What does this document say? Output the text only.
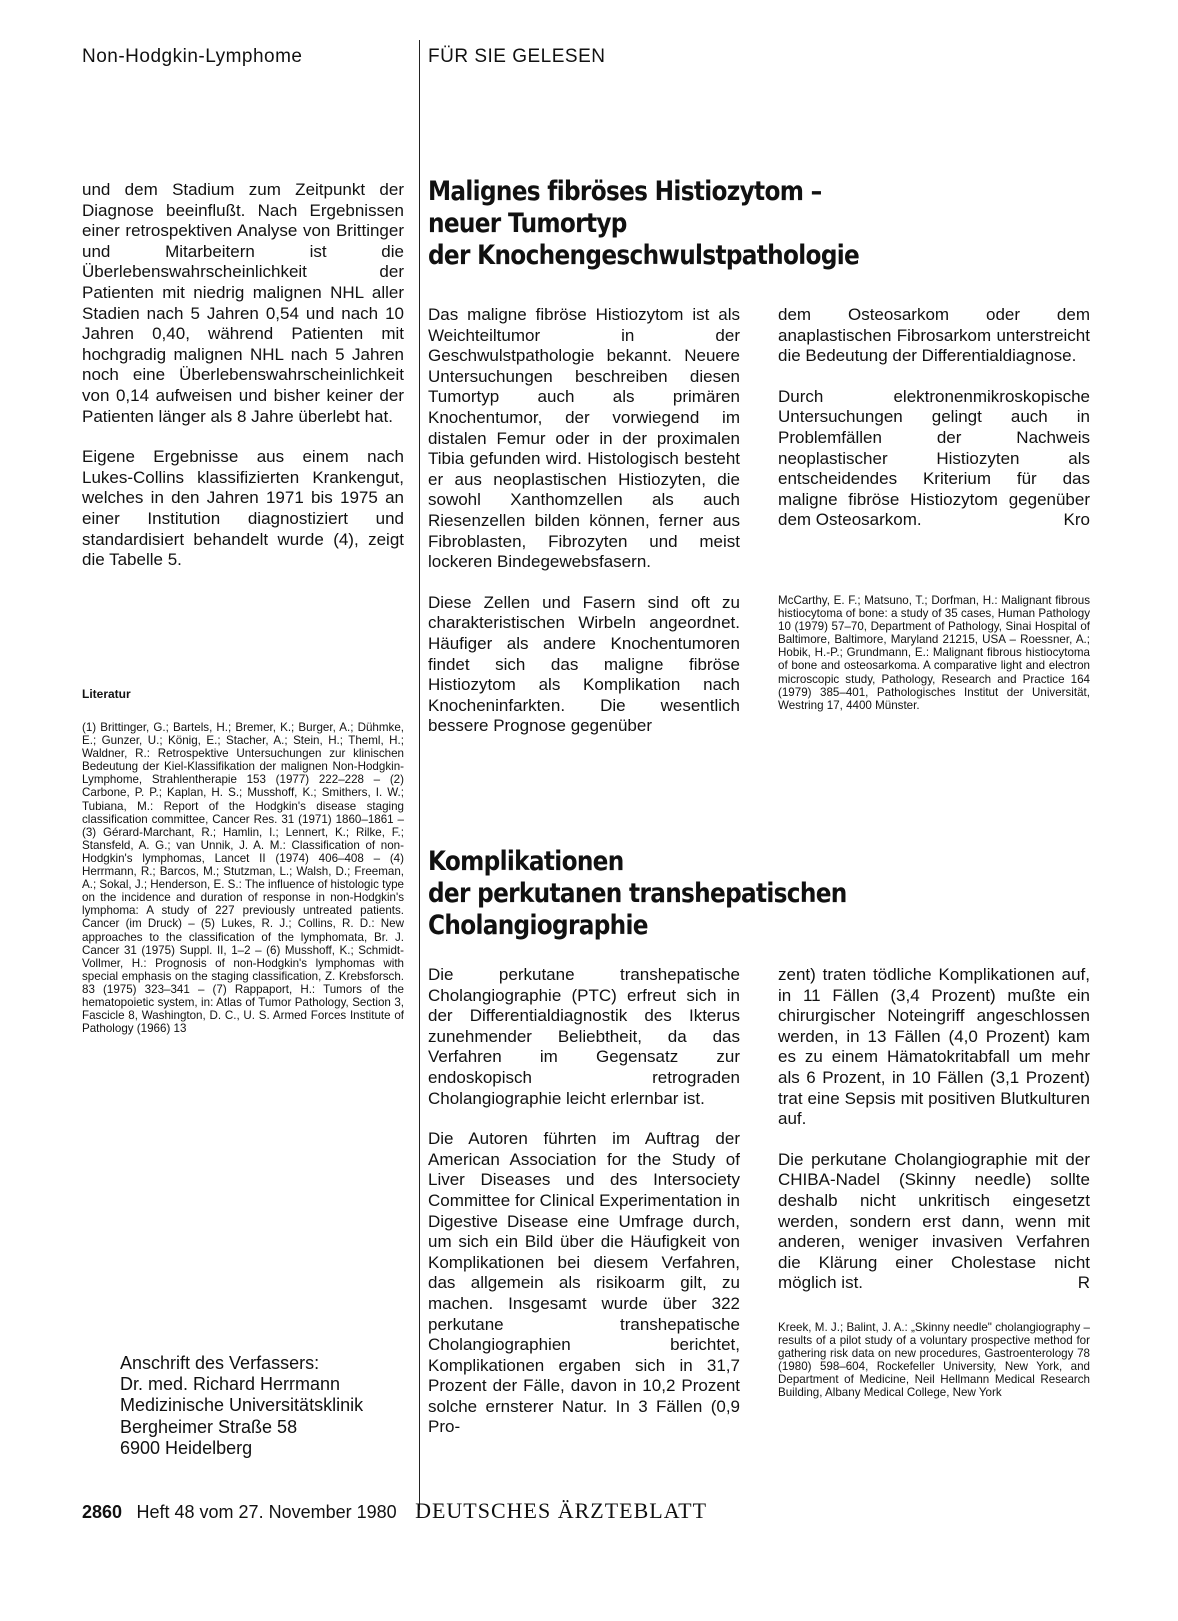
Non-Hodgkin-Lymphome	FÜR SIE GELESEN

und dem Stadium zum Zeitpunkt der Diagnose beeinflußt. Nach Ergebnissen einer retrospektiven Analyse von Brittinger und Mitarbeitern ist die Überlebenswahrscheinlichkeit der Patienten mit niedrig malignen NHL aller Stadien nach 5 Jahren 0,54 und nach 10 Jahren 0,40, während Patienten mit hochgradig malignen NHL nach 5 Jahren noch eine Überlebenswahrscheinlichkeit von 0,14 aufweisen und bisher keiner der Patienten länger als 8 Jahre überlebt hat.

Eigene Ergebnisse aus einem nach Lukes-Collins klassifizierten Krankengut, welches in den Jahren 1971 bis 1975 an einer Institution diagnostiziert und standardisiert behandelt wurde (4), zeigt die Tabelle 5.

Literatur

(1) Brittinger, G.; Bartels, H.; Bremer, K.; Burger, A.; Dühmke, E.; Gunzer, U.; König, E.; Stacher, A.; Stein, H.; Theml, H.; Waldner, R.: Retrospektive Untersuchungen zur klinischen Bedeutung der Kiel-Klassifikation der malignen Non-Hodgkin-Lymphome, Strahlentherapie 153 (1977) 222–228 – (2) Carbone, P. P.; Kaplan, H. S.; Musshoff, K.; Smithers, I. W.; Tubiana, M.: Report of the Hodgkin's disease staging classification committee, Cancer Res. 31 (1971) 1860–1861 – (3) Gérard-Marchant, R.; Hamlin, I.; Lennert, K.; Rilke, F.; Stansfeld, A. G.; van Unnik, J. A. M.: Classification of non-Hodgkin's lymphomas, Lancet II (1974) 406–408 – (4) Herrmann, R.; Barcos, M.; Stutzman, L.; Walsh, D.; Freeman, A.; Sokal, J.; Henderson, E. S.: The influence of histologic type on the incidence and duration of response in non-Hodgkin's lymphoma: A study of 227 previously untreated patients. Cancer (im Druck) – (5) Lukes, R. J.; Collins, R. D.: New approaches to the classification of the lymphomata, Br. J. Cancer 31 (1975) Suppl. II, 1–2 – (6) Musshoff, K.; Schmidt-Vollmer, H.: Prognosis of non-Hodgkin's lymphomas with special emphasis on the staging classification, Z. Krebsforsch. 83 (1975) 323–341 – (7) Rappaport, H.: Tumors of the hematopoietic system, in: Atlas of Tumor Pathology, Section 3, Fascicle 8, Washington, D. C., U. S. Armed Forces Institute of Pathology (1966) 13

Anschrift des Verfassers:
Dr. med. Richard Herrmann
Medizinische Universitätsklinik
Bergheimer Straße 58
6900 Heidelberg
Malignes fibröses Histiozytom –
neuer Tumortyp
der Knochengeschwulstpathologie

Das maligne fibröse Histiozytom ist als Weichteiltumor in der Geschwulstpathologie bekannt. Neuere Untersuchungen beschreiben diesen Tumortyp auch als primären Knochentumor, der vorwiegend im distalen Femur oder in der proximalen Tibia gefunden wird. Histologisch besteht er aus neoplastischen Histiozyten, die sowohl Xanthomzellen als auch Riesenzellen bilden können, ferner aus Fibroblasten, Fibrozyten und meist lockeren Bindegewebsfasern.

Diese Zellen und Fasern sind oft zu charakteristischen Wirbeln angeordnet. Häufiger als andere Knochentumoren findet sich das maligne fibröse Histiozytom als Komplikation nach Knocheninfarkten. Die wesentlich bessere Prognose gegenüber

dem Osteosarkom oder dem anaplastischen Fibrosarkom unterstreicht die Bedeutung der Differentialdiagnose.

Durch elektronenmikroskopische Untersuchungen gelingt auch in Problemfällen der Nachweis neoplastischer Histiozyten als entscheidendes Kriterium für das maligne fibröse Histiozytom gegenüber dem Osteosarkom.	Kro

McCarthy, E. F.; Matsuno, T.; Dorfman, H.: Malignant fibrous histiocytoma of bone: a study of 35 cases, Human Pathology 10 (1979) 57–70, Department of Pathology, Sinai Hospital of Baltimore, Baltimore, Maryland 21215, USA – Roessner, A.; Hobik, H.-P.; Grundmann, E.: Malignant fibrous histiocytoma of bone and osteosarkoma. A comparative light and electron microscopic study, Pathology, Research and Practice 164 (1979) 385–401, Pathologisches Institut der Universität, Westring 17, 4400 Münster.

Komplikationen
der perkutanen transhepatischen
Cholangiographie

Die perkutane transhepatische Cholangiographie (PTC) erfreut sich in der Differentialdiagnostik des Ikterus zunehmender Beliebtheit, da das Verfahren im Gegensatz zur endoskopisch retrograden Cholangiographie leicht erlernbar ist.

Die Autoren führten im Auftrag der American Association for the Study of Liver Diseases und des Intersociety Committee for Clinical Experimentation in Digestive Disease eine Umfrage durch, um sich ein Bild über die Häufigkeit von Komplikationen bei diesem Verfahren, das allgemein als risikoarm gilt, zu machen. Insgesamt wurde über 322 perkutane transhepatische Cholangiographien berichtet, Komplikationen ergaben sich in 31,7 Prozent der Fälle, davon in 10,2 Prozent solche ernsterer Natur. In 3 Fällen (0,9 Pro-

zent) traten tödliche Komplikationen auf, in 11 Fällen (3,4 Prozent) mußte ein chirurgischer Noteingriff angeschlossen werden, in 13 Fällen (4,0 Prozent) kam es zu einem Hämatokritabfall um mehr als 6 Prozent, in 10 Fällen (3,1 Prozent) trat eine Sepsis mit positiven Blutkulturen auf.

Die perkutane Cholangiographie mit der CHIBA-Nadel (Skinny needle) sollte deshalb nicht unkritisch eingesetzt werden, sondern erst dann, wenn mit anderen, weniger invasiven Verfahren die Klärung einer Cholestase nicht möglich ist.	R

Kreek, M. J.; Balint, J. A.: „Skinny needle" cholangiography – results of a pilot study of a voluntary prospective method for gathering risk data on new procedures, Gastroenterology 78 (1980) 598–604, Rockefeller University, New York, and Department of Medicine, Neil Hellmann Medical Research Building, Albany Medical College, New York

2860 Heft 48 vom 27. November 1980 DEUTSCHES ÄRZTEBLATT
